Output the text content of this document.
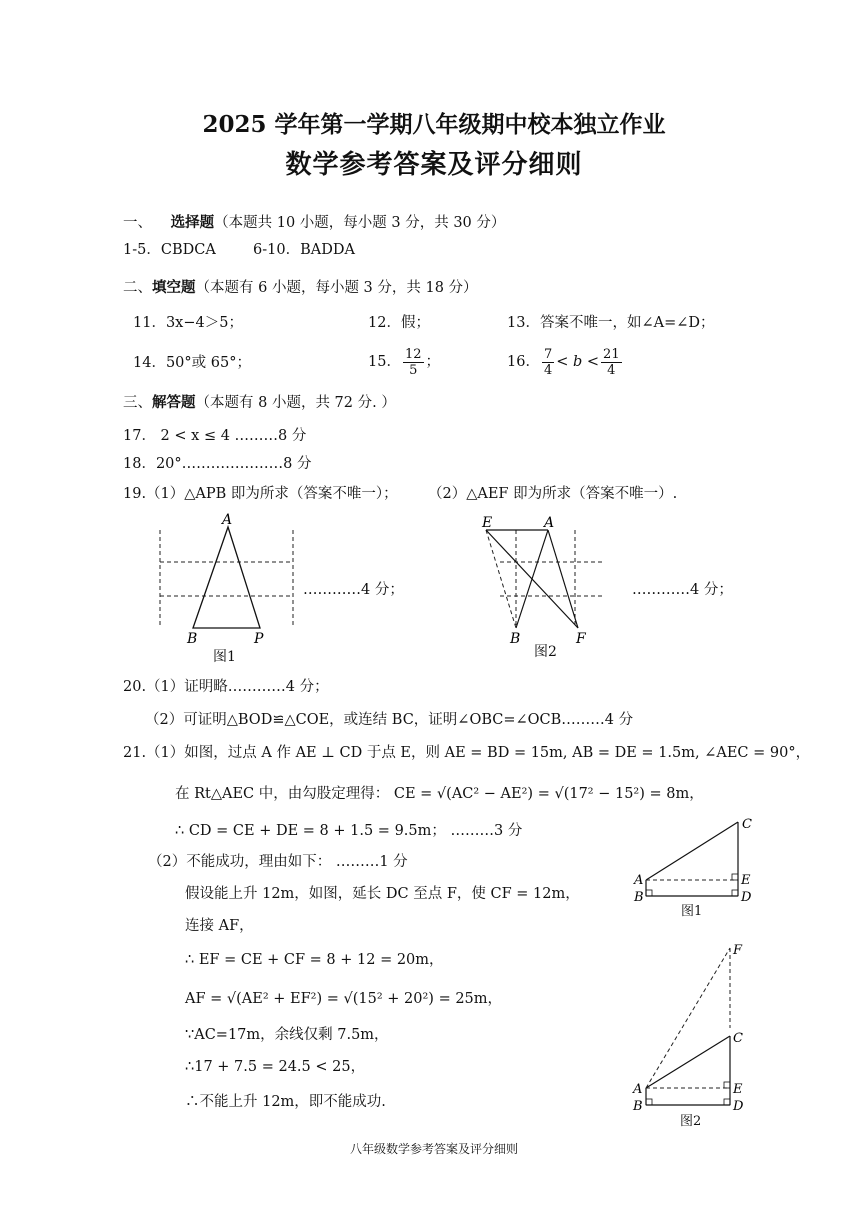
2025 学年第一学期八年级期中校本独立作业
数学参考答案及评分细则
一、 选择题（本题共 10 小题，每小题 3 分，共 30 分）
1-5．CBDCA	6-10．BADDA
二、填空题（本题有 6 小题，每小题 3 分，共 18 分）
11．3x−4＞5；	12．假；	13．答案不唯一，如∠A=∠D；
14．50°或 65°；	15． $\frac{12}{5}$ ；	16． $\frac{7}{4} < b < \frac{21}{4}$
三、解答题（本题有 8 小题，共 72 分. ）
17． 2 < x ≤ 4 ………8 分
18．20°…………………8 分
19.（1）△APB 即为所求（答案不唯一）； （2）△AEF 即为所求（答案不唯一）.
A
B	P
图1
…………4 分；
E	A
B	F
图2
…………4 分；
20.（1）证明略…………4 分；
（2）可证明△BOD≌△COE，或连结 BC，证明∠OBC=∠OCB………4 分
21.（1）如图，过点 A 作 AE ⊥ CD 于点 E，则 AE = BD = 15m, AB = DE = 1.5m, ∠AEC = 90°，
在 Rt△AEC 中，由勾股定理得： CE = √(AC² − AE²) = √(17² − 15²) = 8m，
∴ CD = CE + DE = 8 + 1.5 = 9.5m； ………3 分
（2）不能成功，理由如下： ………1 分
假设能上升 12m，如图，延长 DC 至点 F，使 CF = 12m，
连接 AF，
∴ EF = CE + CF = 8 + 12 = 20m，
AF = √(AE² + EF²) = √(15² + 20²) = 25m，
∵AC=17m，余线仅剩 7.5m，
∴17 + 7.5 = 24.5 < 25，
∴不能上升 12m，即不能成功.
C
A	E
B	D
图1
F
C
A	E
B	D
图2
八年级数学参考答案及评分细则
